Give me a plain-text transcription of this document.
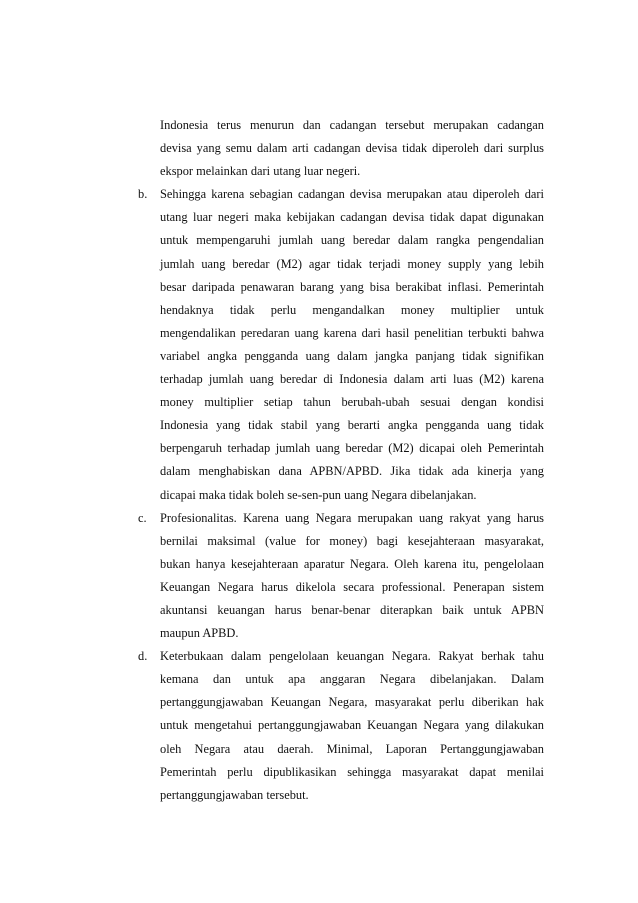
Indonesia terus menurun dan cadangan tersebut merupakan cadangan
devisa yang semu dalam arti cadangan devisa tidak diperoleh dari surplus
ekspor melainkan dari utang luar negeri.
b. Sehingga karena sebagian cadangan devisa merupakan atau diperoleh dari
utang luar negeri maka kebijakan cadangan devisa tidak dapat digunakan
untuk mempengaruhi jumlah uang beredar dalam rangka pengendalian
jumlah uang beredar (M2) agar tidak terjadi money supply yang lebih
besar daripada penawaran barang yang bisa berakibat inflasi. Pemerintah
hendaknya tidak perlu mengandalkan money multiplier untuk
mengendalikan peredaran uang karena dari hasil penelitian terbukti bahwa
variabel angka pengganda uang dalam jangka panjang tidak signifikan
terhadap jumlah uang beredar di Indonesia dalam arti luas (M2) karena
money multiplier setiap tahun berubah-ubah sesuai dengan kondisi
Indonesia yang tidak stabil yang berarti angka pengganda uang tidak
berpengaruh terhadap jumlah uang beredar (M2) dicapai oleh Pemerintah
dalam menghabiskan dana APBN/APBD. Jika tidak ada kinerja yang
dicapai maka tidak boleh se-sen-pun uang Negara dibelanjakan.
c. Profesionalitas. Karena uang Negara merupakan uang rakyat yang harus
bernilai maksimal (value for money) bagi kesejahteraan masyarakat,
bukan hanya kesejahteraan aparatur Negara. Oleh karena itu, pengelolaan
Keuangan Negara harus dikelola secara professional. Penerapan sistem
akuntansi keuangan harus benar-benar diterapkan baik untuk APBN
maupun APBD.
d. Keterbukaan dalam pengelolaan keuangan Negara. Rakyat berhak tahu
kemana dan untuk apa anggaran Negara dibelanjakan. Dalam
pertanggungjawaban Keuangan Negara, masyarakat perlu diberikan hak
untuk mengetahui pertanggungjawaban Keuangan Negara yang dilakukan
oleh Negara atau daerah. Minimal, Laporan Pertanggungjawaban
Pemerintah perlu dipublikasikan sehingga masyarakat dapat menilai
pertanggungjawaban tersebut.
